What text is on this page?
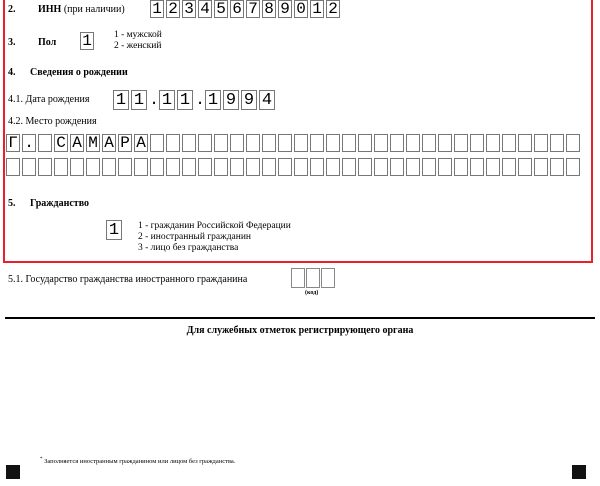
2. ИНН (при наличии) 1 2 3 4 5 6 7 8 9 0 1 2
3. Пол 1 1 - мужской
2 - женский
4. Сведения о рождении
4.1. Дата рождения 1 1 . 1 1 . 1 9 9 4
4.2. Место рождения
Г . С А М А Р А
5. Гражданство
1	1 - гражданин Российской Федерации
2 - иностранный гражданин
3 - лицо без гражданства
5.1. Государство гражданства иностранного гражданина
(код)
Для служебных отметок регистрирующего органа
* Заполняется иностранным гражданином или лицом без гражданства.
